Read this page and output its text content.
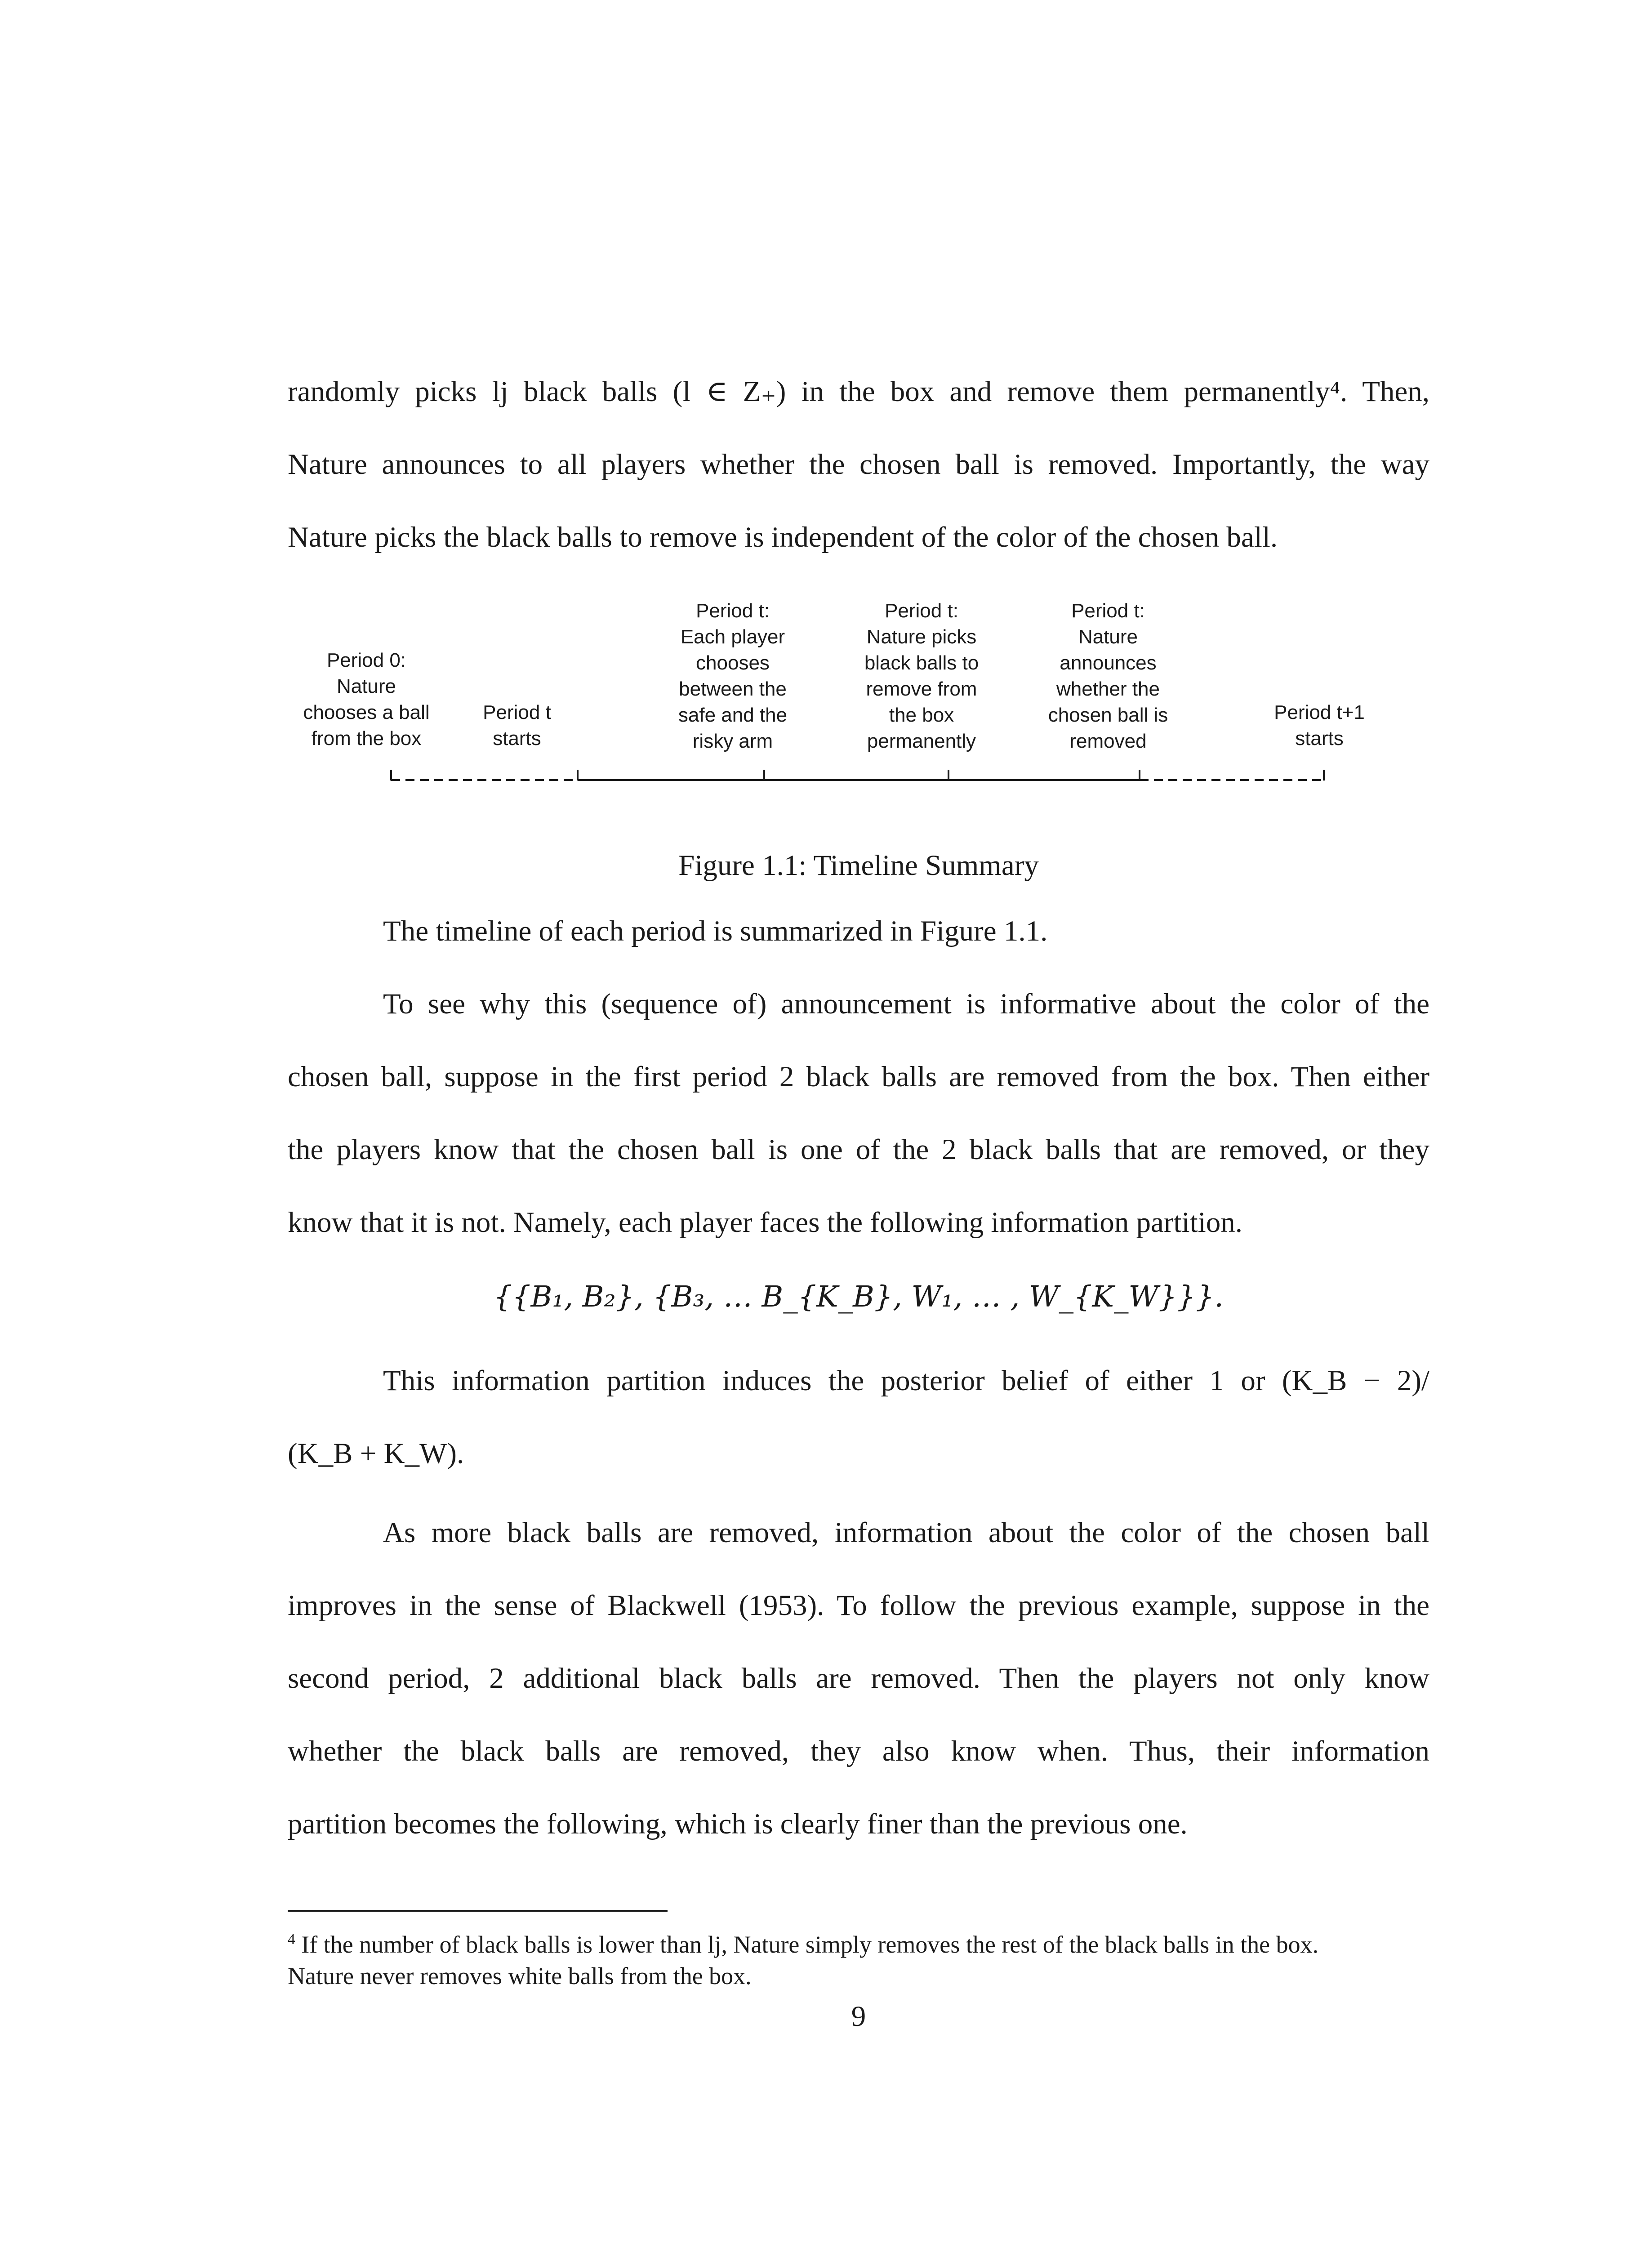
randomly picks lj black balls (l ∈ Z₊) in the box and remove them permanently⁴. Then,
Nature announces to all players whether the chosen ball is removed. Importantly, the way
Nature picks the black balls to remove is independent of the color of the chosen ball.
Period 0:
Nature
chooses a ball
from the box
Period t
starts
Period t:
Each player
chooses
between the
safe and the
risky arm
Period t:
Nature picks
black balls to
remove from
the box
permanently
Period t:
Nature
announces
whether the
chosen ball is
removed
Period t+1
starts
Figure 1.1: Timeline Summary
The timeline of each period is summarized in Figure 1.1.
To see why this (sequence of) announcement is informative about the color of the
chosen ball, suppose in the first period 2 black balls are removed from the box. Then either
the players know that the chosen ball is one of the 2 black balls that are removed, or they
know that it is not. Namely, each player faces the following information partition.
{{B₁, B₂}, {B₃, … B_{K_B}, W₁, … , W_{K_W}}}.
This information partition induces the posterior belief of either 1 or (K_B − 2)/
(K_B + K_W).
As more black balls are removed, information about the color of the chosen ball
improves in the sense of Blackwell (1953). To follow the previous example, suppose in the
second period, 2 additional black balls are removed. Then the players not only know
whether the black balls are removed, they also know when. Thus, their information
partition becomes the following, which is clearly finer than the previous one.
$^4$ If the number of black balls is lower than lj, Nature simply removes the rest of the black balls in the box.
Nature never removes white balls from the box.
9
